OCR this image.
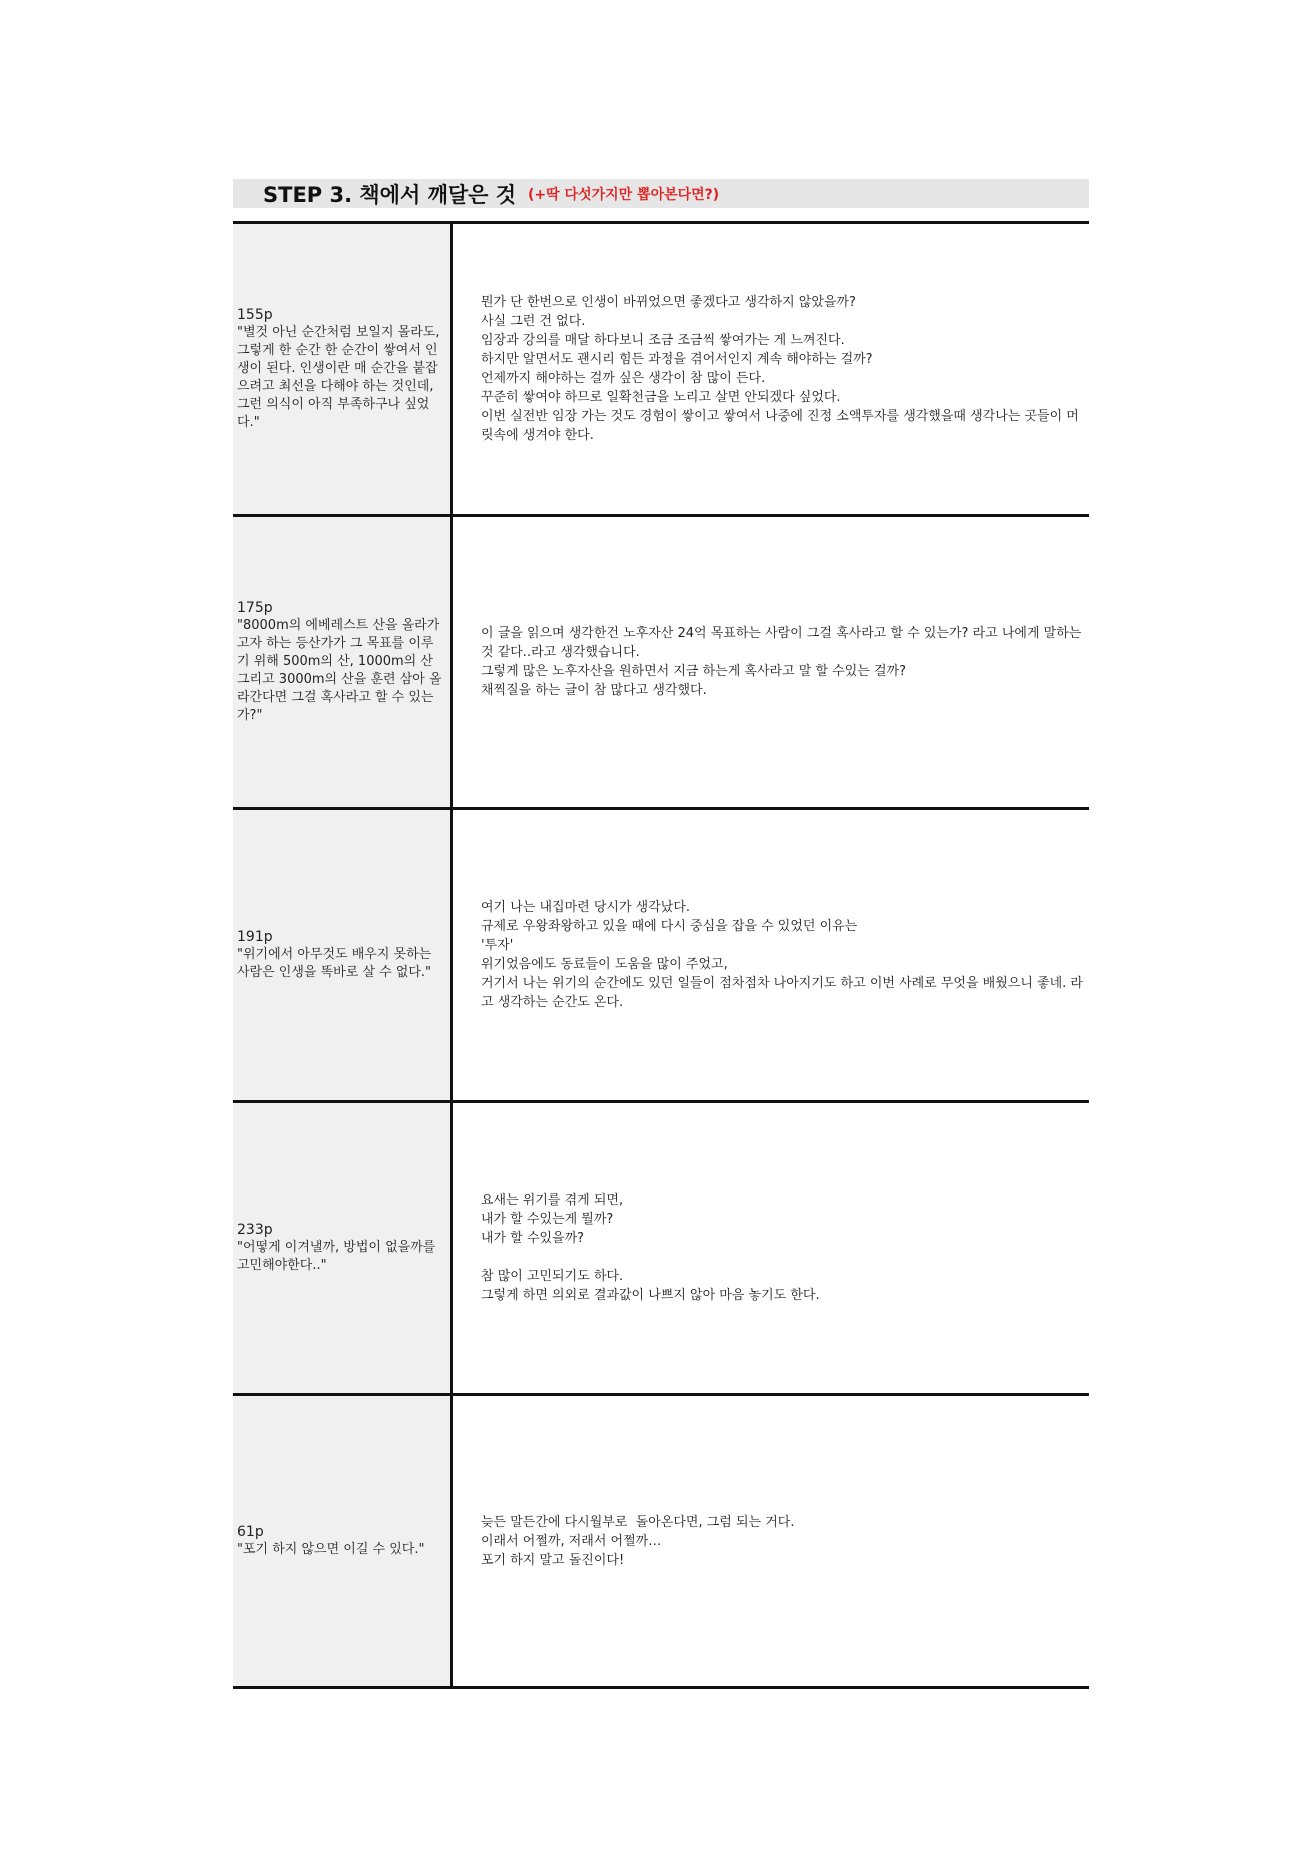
STEP 3. 책에서 깨달은 것 (+딱 다섯가지만 뽑아본다면?)
155p
"별것 아닌 순간처럼 보일지 몰라도, 그렇게 한 순간 한 순간이 쌓여서 인생이 된다. 인생이란 매 순간을 붙잡으려고 최선을 다해야 하는 것인데, 그런 의식이 아직 부족하구나 싶었다."
뭔가 단 한번으로 인생이 바뀌었으면 좋겠다고 생각하지 않았을까?
사실 그런 건 없다.
임장과 강의를 매달 하다보니 조금 조금씩 쌓여가는 게 느껴진다.
하지만 알면서도 괜시리 힘든 과정을 겪어서인지 계속 해야하는 걸까?
언제까지 해야하는 걸까 싶은 생각이 참 많이 든다.
꾸준히 쌓여야 하므로 일확천금을 노리고 살면 안되겠다 싶었다.
이번 실전반 임장 가는 것도 경험이 쌓이고 쌓여서 나중에 진정 소액투자를 생각했을때 생각나는 곳들이 머릿속에 생겨야 한다.
175p
"8000m의 에베레스트 산을 올라가고자 하는 등산가가 그 목표를 이루기 위해 500m의 산, 1000m의 산 그리고 3000m의 산을 훈련 삼아 올라간다면 그걸 혹사라고 할 수 있는가?"
이 글을 읽으며 생각한건 노후자산 24억 목표하는 사람이 그걸 혹사라고 할 수 있는가? 라고 나에게 말하는 것 같다..라고 생각했습니다.
그렇게 많은 노후자산을 원하면서 지금 하는게 혹사라고 말 할 수있는 걸까?
채찍질을 하는 글이 참 많다고 생각했다.
191p
"위기에서 아무것도 배우지 못하는 사람은 인생을 똑바로 살 수 없다."
여기 나는 내집마련 당시가 생각났다.
규제로 우왕좌왕하고 있을 때에 다시 중심을 잡을 수 있었던 이유는
'투자'
위기었음에도 동료들이 도움을 많이 주었고,
거기서 나는 위기의 순간에도 있던 일들이 점차점차 나아지기도 하고 이번 사례로 무엇을 배웠으니 좋네. 라고 생각하는 순간도 온다.
233p
"어떻게 이겨낼까, 방법이 없을까를 고민해야한다.."
요새는 위기를 겪게 되면,
내가 할 수있는게 뭘까?
내가 할 수있을까?
참 많이 고민되기도 하다.
그렇게 하면 의외로 결과값이 나쁘지 않아 마음 놓기도 한다.
61p
"포기 하지 않으면 이길 수 있다."
늦든 말든간에 다시월부로  돌아온다면, 그럼 되는 거다.
이래서 어쩔까, 저래서 어쩔까…
포기 하지 말고 돌진이다!
